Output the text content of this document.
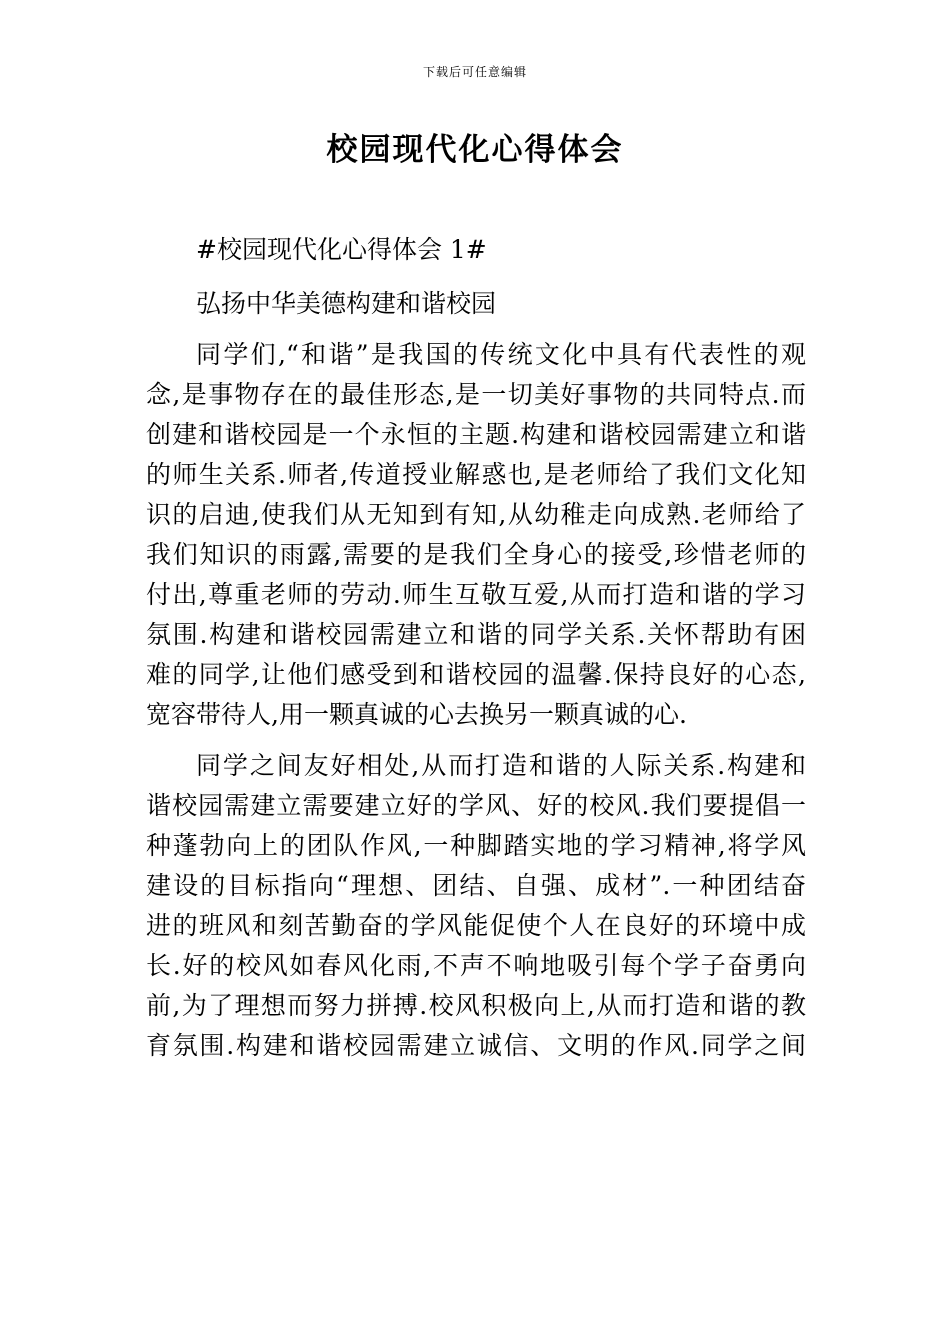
下载后可任意编辑
校园现代化心得体会
#校园现代化心得体会 1#
弘扬中华美德构建和谐校园
同学们,“和谐”是我国的传统文化中具有代表性的观
念,是事物存在的最佳形态,是一切美好事物的共同特点.而
创建和谐校园是一个永恒的主题.构建和谐校园需建立和谐
的师生关系.师者,传道授业解惑也,是老师给了我们文化知
识的启迪,使我们从无知到有知,从幼稚走向成熟.老师给了
我们知识的雨露,需要的是我们全身心的接受,珍惜老师的
付出,尊重老师的劳动.师生互敬互爱,从而打造和谐的学习
氛围.构建和谐校园需建立和谐的同学关系.关怀帮助有困
难的同学,让他们感受到和谐校园的温馨.保持良好的心态,
宽容带待人,用一颗真诚的心去换另一颗真诚的心.
同学之间友好相处,从而打造和谐的人际关系.构建和
谐校园需建立需要建立好的学风、好的校风.我们要提倡一
种蓬勃向上的团队作风,一种脚踏实地的学习精神,将学风
建设的目标指向“理想、团结、自强、成材”.一种团结奋
进的班风和刻苦勤奋的学风能促使个人在良好的环境中成
长.好的校风如春风化雨,不声不响地吸引每个学子奋勇向
前,为了理想而努力拼搏.校风积极向上,从而打造和谐的教
育氛围.构建和谐校园需建立诚信、文明的作风.同学之间
